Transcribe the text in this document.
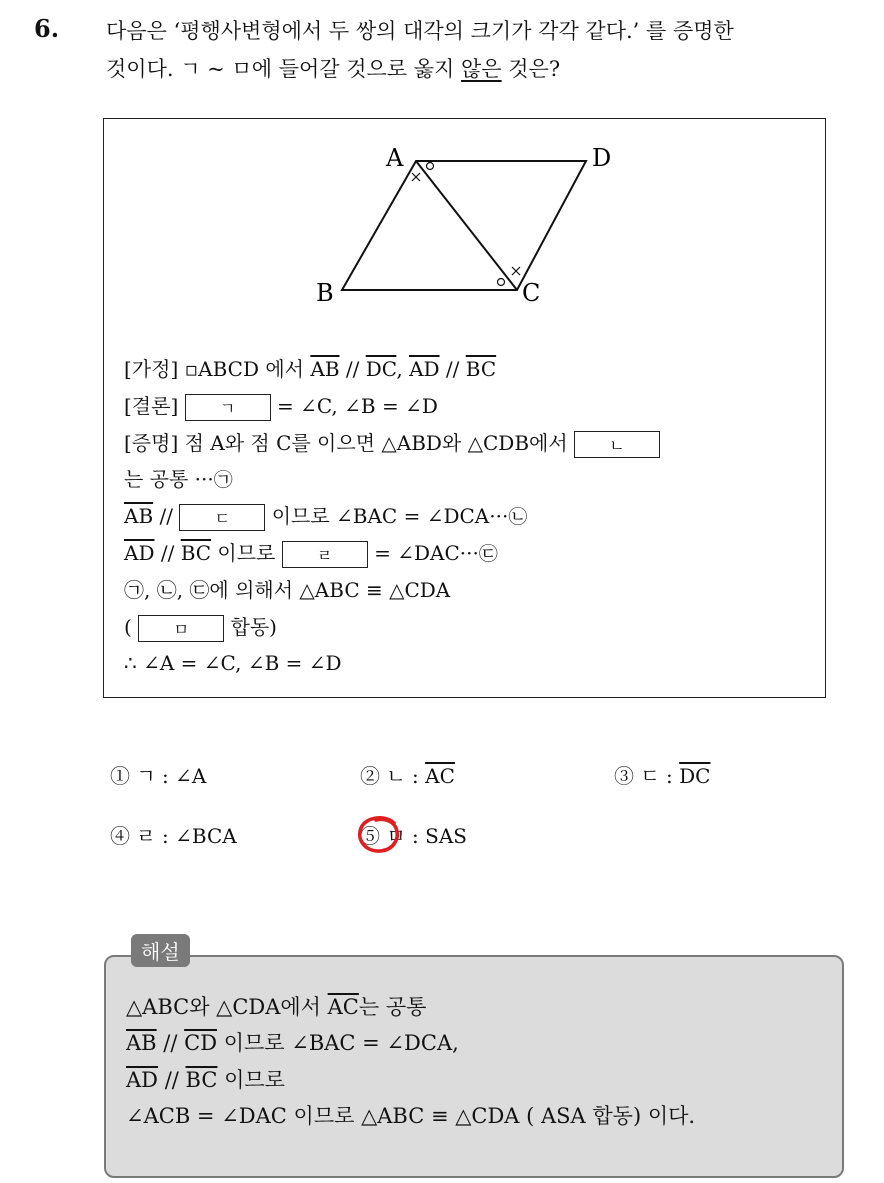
6. 다음은 ‘평행사변형에서 두 쌍의 대각의 크기가 각각 같다.’ 를 증명한
것이다. ㄱ ~ ㅁ에 들어갈 것으로 옳지 않은 것은?
A	D
B	C
[가정] ▫ABCD 에서 $\overline{AB} // \overline{DC}$, $\overline{AD} // \overline{BC}$
[결론] ㄱ = ∠C, ∠B = ∠D
[증명] 점 A와 점 C를 이으면 △ABD와 △CDB에서 ㄴ
는 공통 ···㉠
$\overline{AB}$ // ㄷ 이므로 ∠BAC = ∠DCA···㉡
$\overline{AD} // \overline{BC}$ 이므로 ㄹ = ∠DAC···㉢
㉠, ㉡, ㉢에 의해서 △ABC ≡ △CDA
( ㅁ 합동)
∴ ∠A = ∠C, ∠B = ∠D
① ㄱ : ∠A	② ㄴ : $\overline{AC}$	③ ㄷ : $\overline{DC}$
④ ㄹ : ∠BCA	⑤ ㅁ : SAS
해설
△ABC와 △CDA에서 $\overline{AC}$는 공통
$\overline{AB} // \overline{CD}$ 이므로 ∠BAC = ∠DCA,
$\overline{AD} // \overline{BC}$ 이므로
∠ACB = ∠DAC 이므로 △ABC ≡ △CDA ( ASA 합동) 이다.
